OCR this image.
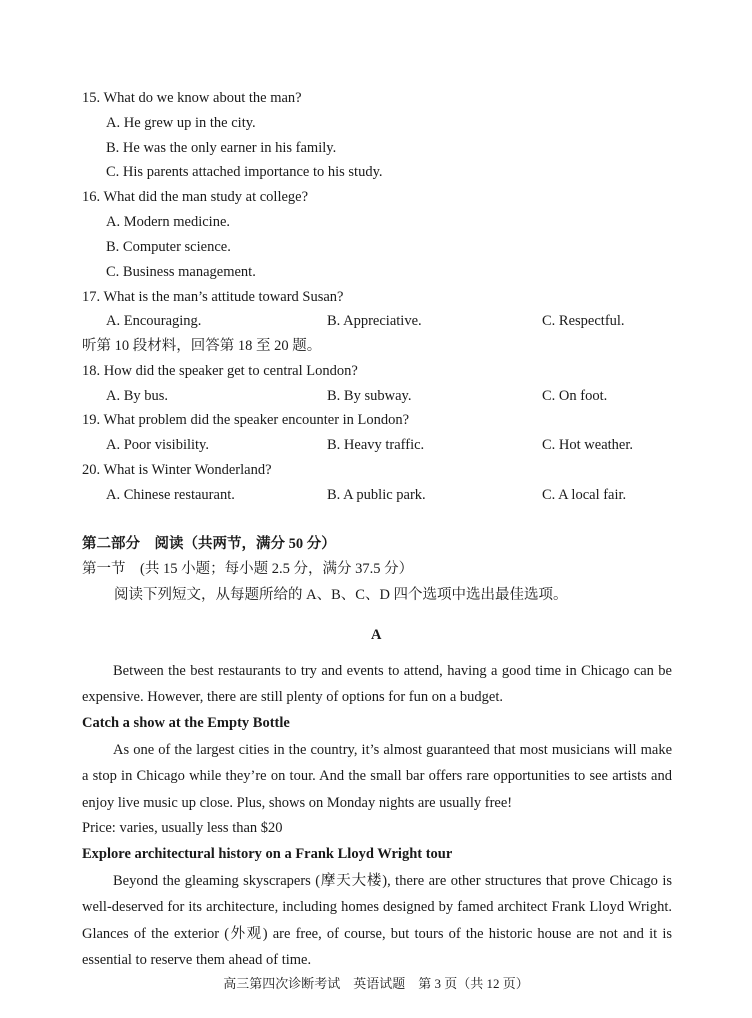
15. What do we know about the man?
A. He grew up in the city.
B. He was the only earner in his family.
C. His parents attached importance to his study.
16. What did the man study at college?
A. Modern medicine.
B. Computer science.
C. Business management.
17. What is the man’s attitude toward Susan?
A. Encouraging.	B. Appreciative.	C. Respectful.
听第 10 段材料，回答第 18 至 20 题。
18. How did the speaker get to central London?
A. By bus.	B. By subway.	C. On foot.
19. What problem did the speaker encounter in London?
A. Poor visibility.	B. Heavy traffic.	C. Hot weather.
20. What is Winter Wonderland?
A. Chinese restaurant.	B. A public park.	C. A local fair.
第二部分　阅读（共两节，满分 50 分）
第一节　(共 15 小题；每小题 2.5 分，满分 37.5 分）
阅读下列短文，从每题所给的 A、B、C、D 四个选项中选出最佳选项。
A

Between the best restaurants to try and events to attend, having a good time in Chicago can be expensive. However, there are still plenty of options for fun on a budget.

Catch a show at the Empty Bottle

As one of the largest cities in the country, it’s almost guaranteed that most musicians will make a stop in Chicago while they’re on tour. And the small bar offers rare opportunities to see artists and enjoy live music up close. Plus, shows on Monday nights are usually free!

Price: varies, usually less than $20
Explore architectural history on a Frank Lloyd Wright tour

Beyond the gleaming skyscrapers (摩天大楼), there are other structures that prove Chicago is well-deserved for its architecture, including homes designed by famed architect Frank Lloyd Wright. Glances of the exterior (外观) are free, of course, but tours of the historic house are not and it is essential to reserve them ahead of time.

高三第四次诊断考试　英语试题　第 3 页（共 12 页）
